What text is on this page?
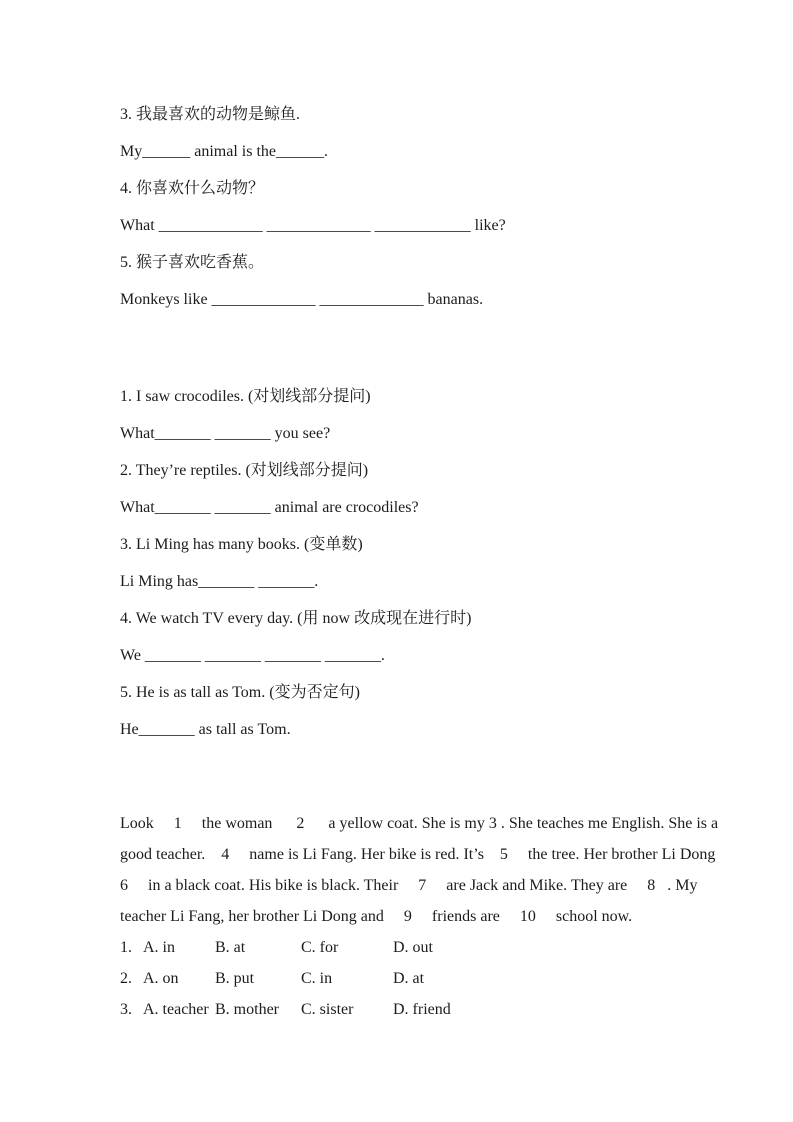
3. 我最喜欢的动物是鲸鱼.
My______ animal is the______.
4. 你喜欢什么动物？
What _____________ _____________ ____________ like?
5. 猴子喜欢吃香蕉。
Monkeys like _____________ _____________ bananas.
1. I saw crocodiles. (对划线部分提问)
What_______ _______ you see?
2. They’re reptiles. (对划线部分提问)
What_______ _______ animal are crocodiles?
3. Li Ming has many books. (变单数)
Li Ming has_______ _______.
4. We watch TV every day. (用 now 改成现在进行时)
We _______ _______ _______ _______.
5. He is as tall as Tom. (变为否定句)
He_______ as tall as Tom.
Look     1     the woman      2      a yellow coat. She is my 3 . She teaches me English. She is a
good teacher.    4     name is Li Fang. Her bike is red. It’s    5     the tree. Her brother Li Dong
6     in a black coat. His bike is black. Their     7     are Jack and Mike. They are     8   . My
teacher Li Fang, her brother Li Dong and     9     friends are     10     school now.
1. A. in	B. at	C. for	D. out
2. A. on	B. put	C. in	D. at
3. A. teacher B. mother	C. sister	D. friend
